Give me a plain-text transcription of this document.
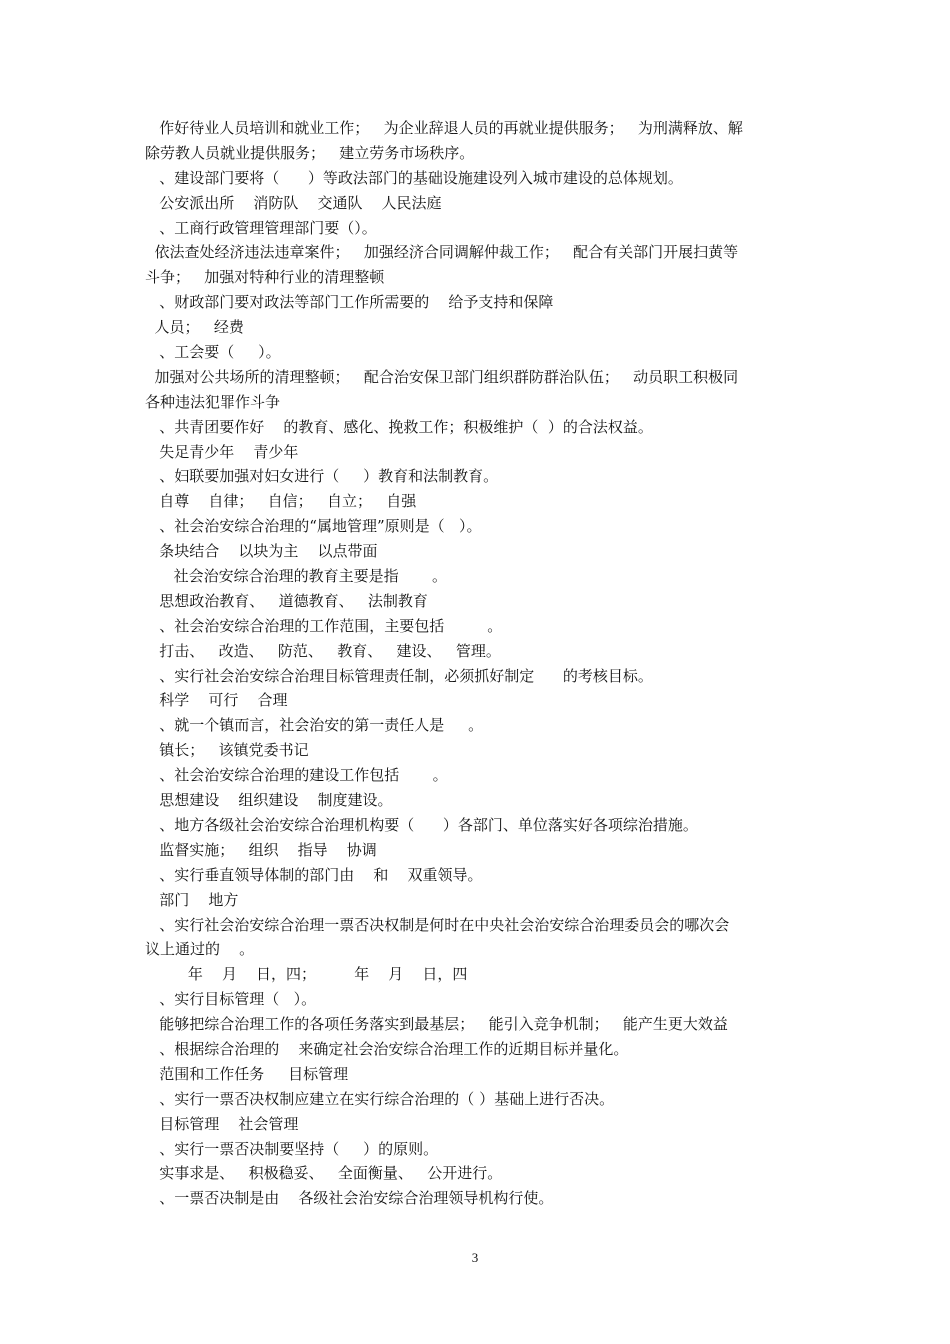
作好待业人员培训和就业工作；   为企业辞退人员的再就业提供服务；   为刑满释放、解
除劳教人员就业提供服务；   建立劳务市场秩序。
、建设部门要将（      ）等政法部门的基础设施建设列入城市建设的总体规划。
公安派出所    消防队    交通队    人民法庭
、工商行政管理管理部门要（）。
依法查处经济违法违章案件；   加强经济合同调解仲裁工作；   配合有关部门开展扫黄等
斗争；   加强对特种行业的清理整顿
、财政部门要对政法等部门工作所需要的    给予支持和保障
人员；   经费
、工会要（     ）。
加强对公共场所的清理整顿；   配合治安保卫部门组织群防群治队伍；   动员职工积极同
各种违法犯罪作斗争
、共青团要作好    的教育、感化、挽救工作；积极维护（  ）的合法权益。
失足青少年    青少年
、妇联要加强对妇女进行（     ）教育和法制教育。
自尊    自律；   自信；   自立；   自强
、社会治安综合治理的“属地管理”原则是（   ）。
条块结合    以块为主    以点带面
社会治安综合治理的教育主要是指       。
思想政治教育、   道德教育、   法制教育
、社会治安综合治理的工作范围，主要包括         。
打击、   改造、   防范、   教育、   建设、   管理。
、实行社会治安综合治理目标管理责任制，必须抓好制定      的考核目标。
科学    可行    合理
、就一个镇而言，社会治安的第一责任人是     。
镇长；   该镇党委书记
、社会治安综合治理的建设工作包括       。
思想建设    组织建设    制度建设。
、地方各级社会治安综合治理机构要（      ）各部门、单位落实好各项综治措施。
监督实施；   组织    指导    协调
、实行垂直领导体制的部门由    和    双重领导。
部门    地方
、实行社会治安综合治理一票否决权制是何时在中央社会治安综合治理委员会的哪次会
议上通过的    。
年    月    日，四；        年    月    日，四
、实行目标管理（   ）。
能够把综合治理工作的各项任务落实到最基层；   能引入竞争机制；   能产生更大效益
、根据综合治理的    来确定社会治安综合治理工作的近期目标并量化。
范围和工作任务     目标管理
、实行一票否决权制应建立在实行综合治理的（ ）基础上进行否决。
目标管理    社会管理
、实行一票否决制要坚持（     ）的原则。
实事求是、   积极稳妥、   全面衡量、   公开进行。
、一票否决制是由    各级社会治安综合治理领导机构行使。
3
